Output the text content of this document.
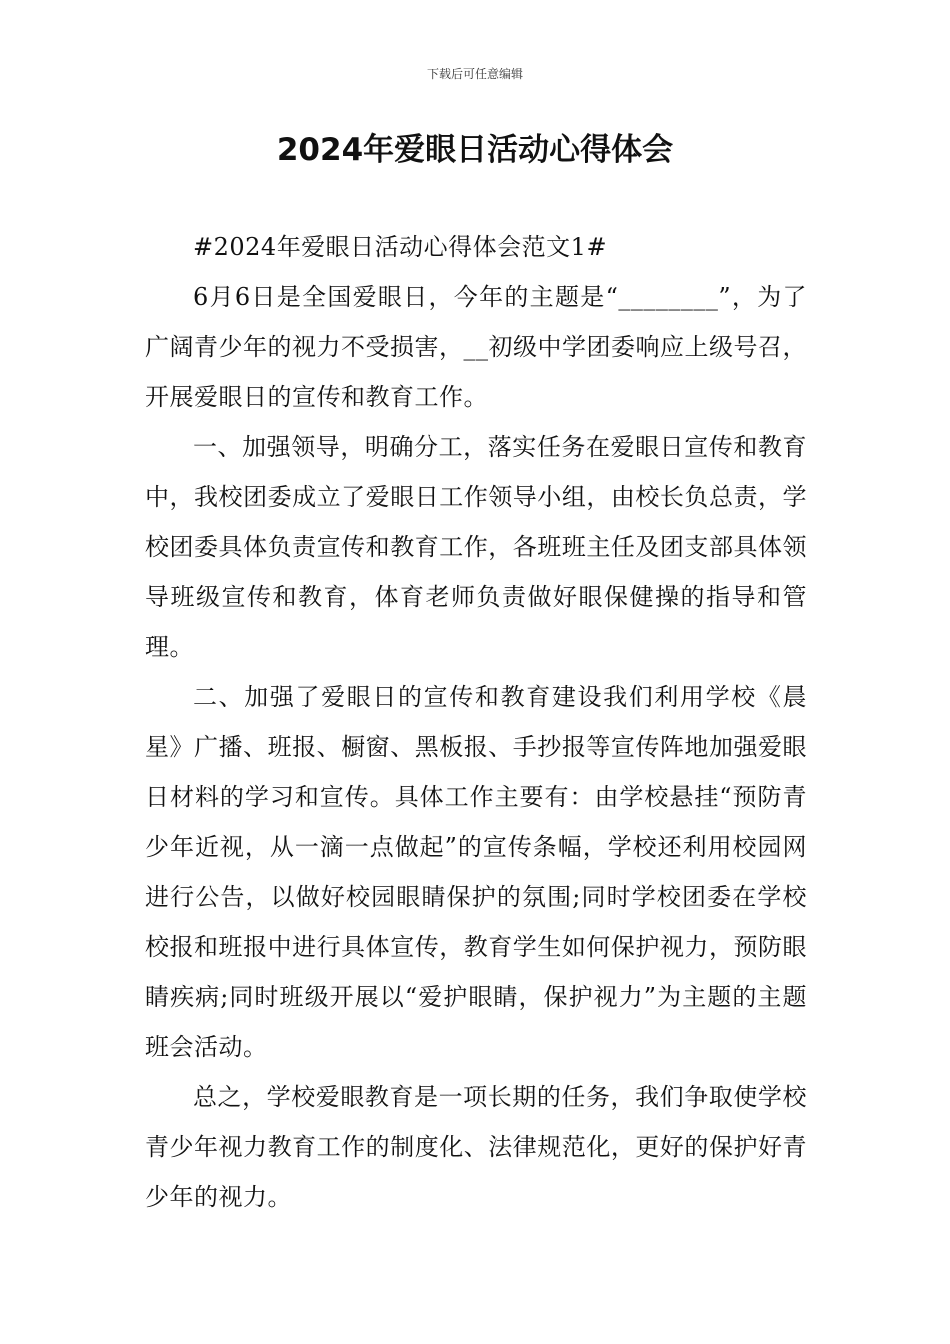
下载后可任意编辑
2024年爱眼日活动心得体会

#2024年爱眼日活动心得体会范文1#

6月6日是全国爱眼日，今年的主题是“________”，为了广阔青少年的视力不受损害，__初级中学团委响应上级号召，开展爱眼日的宣传和教育工作。

一、加强领导，明确分工，落实任务在爱眼日宣传和教育中，我校团委成立了爱眼日工作领导小组，由校长负总责，学校团委具体负责宣传和教育工作，各班班主任及团支部具体领导班级宣传和教育，体育老师负责做好眼保健操的指导和管理。

二、加强了爱眼日的宣传和教育建设我们利用学校《晨星》广播、班报、橱窗、黑板报、手抄报等宣传阵地加强爱眼日材料的学习和宣传。具体工作主要有：由学校悬挂“预防青少年近视，从一滴一点做起”的宣传条幅，学校还利用校园网进行公告，以做好校园眼睛保护的氛围;同时学校团委在学校校报和班报中进行具体宣传，教育学生如何保护视力，预防眼睛疾病;同时班级开展以“爱护眼睛，保护视力”为主题的主题班会活动。

总之，学校爱眼教育是一项长期的任务，我们争取使学校青少年视力教育工作的制度化、法律规范化，更好的保护好青少年的视力。
